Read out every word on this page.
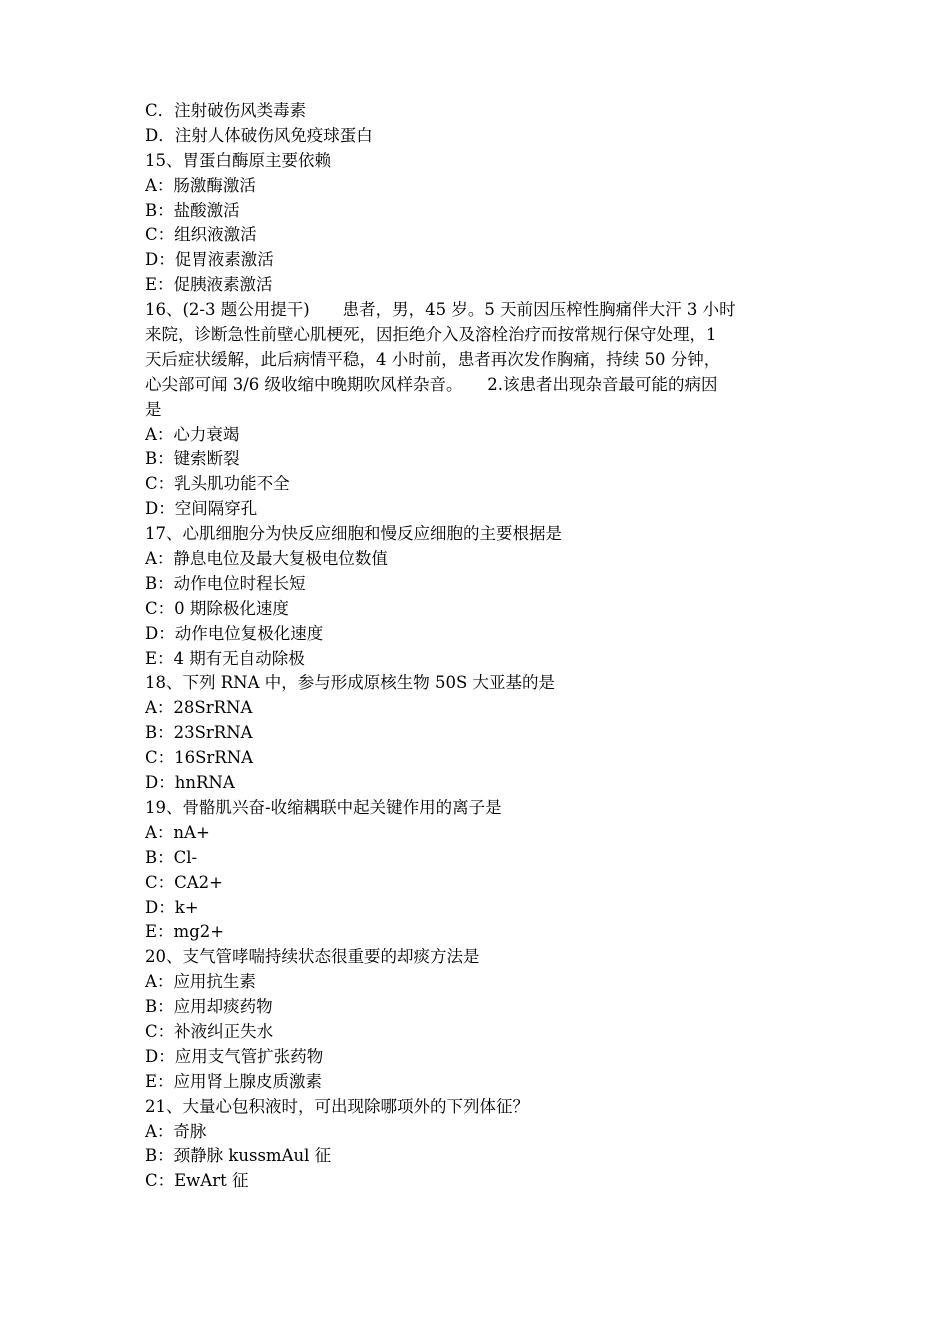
C．注射破伤风类毒素
D．注射人体破伤风免疫球蛋白
15、胃蛋白酶原主要依赖
A：肠激酶激活
B：盐酸激活
C：组织液激活
D：促胃液素激活
E：促胰液素激活
16、(2-3 题公用提干)　　患者，男，45 岁。5 天前因压榨性胸痛伴大汗 3 小时
来院，诊断急性前壁心肌梗死，因拒绝介入及溶栓治疗而按常规行保守处理，1
天后症状缓解，此后病情平稳，4 小时前，患者再次发作胸痛，持续 50 分钟，
心尖部可闻 3/6 级收缩中晚期吹风样杂音。　　2.该患者出现杂音最可能的病因
是
A：心力衰竭
B：键索断裂
C：乳头肌功能不全
D：空间隔穿孔
17、心肌细胞分为快反应细胞和慢反应细胞的主要根据是
A：静息电位及最大复极电位数值
B：动作电位时程长短
C：0 期除极化速度
D：动作电位复极化速度
E：4 期有无自动除极
18、下列 RNA 中，参与形成原核生物 50S 大亚基的是
A：28SrRNA
B：23SrRNA
C：16SrRNA
D：hnRNA
19、骨骼肌兴奋-收缩耦联中起关键作用的离子是
A：nA+
B：Cl-
C：CA2+
D：k+
E：mg2+
20、支气管哮喘持续状态很重要的却痰方法是
A：应用抗生素
B：应用却痰药物
C：补液纠正失水
D：应用支气管扩张药物
E：应用肾上腺皮质激素
21、大量心包积液时，可出现除哪项外的下列体征？
A：奇脉
B：颈静脉 kussmAul 征
C：EwArt 征
